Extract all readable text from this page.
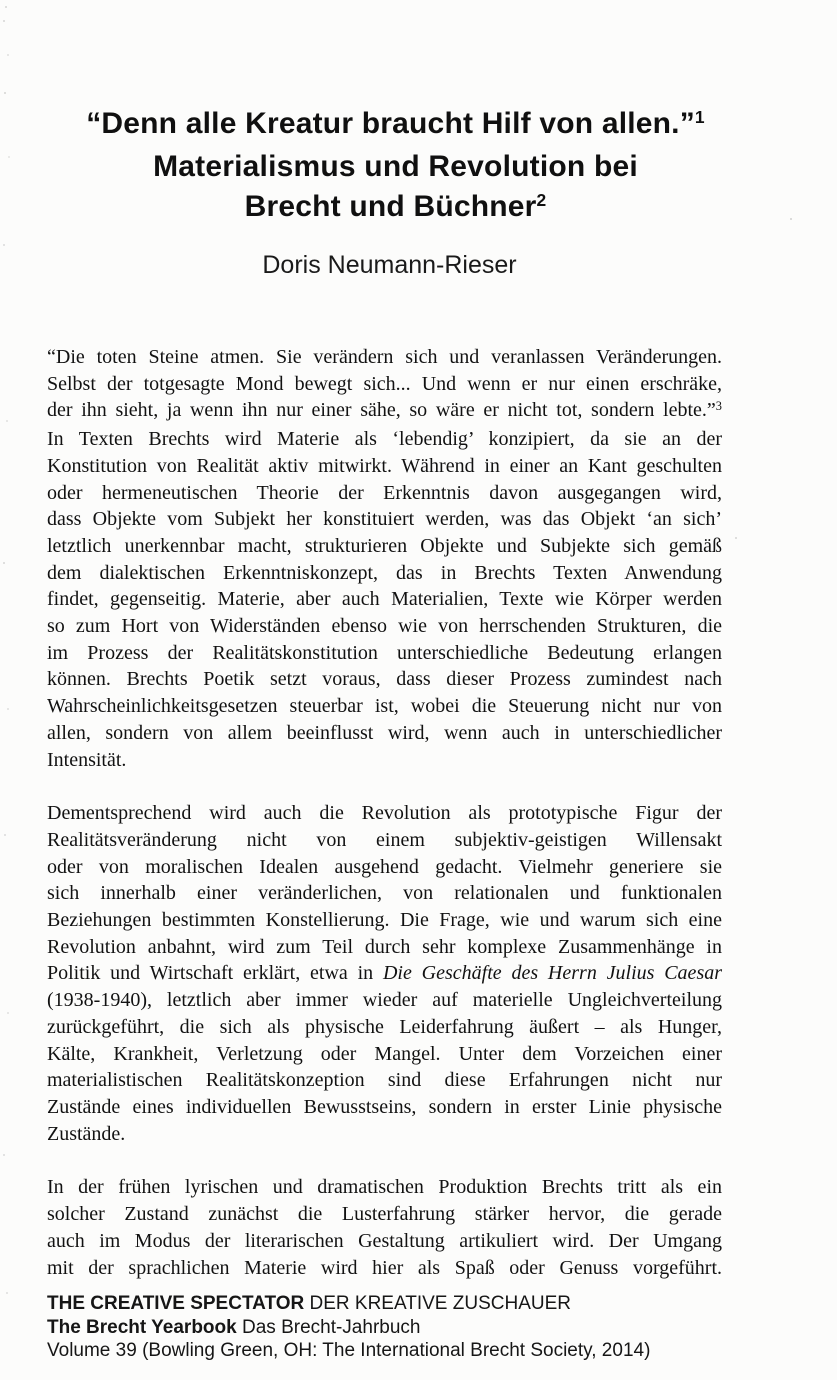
“Denn alle Kreatur braucht Hilf von allen.”$^1$
Materialismus und Revolution bei
Brecht und Büchner$^2$
Doris Neumann-Rieser
“Die toten Steine atmen. Sie verändern sich und veranlassen Veränderungen.
Selbst der totgesagte Mond bewegt sich... Und wenn er nur einen erschräke,
der ihn sieht, ja wenn ihn nur einer sähe, so wäre er nicht tot, sondern lebte.”$^3$
In Texten Brechts wird Materie als ‘lebendig’ konzipiert, da sie an der
Konstitution von Realität aktiv mitwirkt. Während in einer an Kant geschulten
oder hermeneutischen Theorie der Erkenntnis davon ausgegangen wird,
dass Objekte vom Subjekt her konstituiert werden, was das Objekt ‘an sich’
letztlich unerkennbar macht, strukturieren Objekte und Subjekte sich gemäß
dem dialektischen Erkenntniskonzept, das in Brechts Texten Anwendung
findet, gegenseitig. Materie, aber auch Materialien, Texte wie Körper werden
so zum Hort von Widerständen ebenso wie von herrschenden Strukturen, die
im Prozess der Realitätskonstitution unterschiedliche Bedeutung erlangen
können. Brechts Poetik setzt voraus, dass dieser Prozess zumindest nach
Wahrscheinlichkeitsgesetzen steuerbar ist, wobei die Steuerung nicht nur von
allen, sondern von allem beeinflusst wird, wenn auch in unterschiedlicher
Intensität.
Dementsprechend wird auch die Revolution als prototypische Figur der
Realitätsveränderung nicht von einem subjektiv-geistigen Willensakt
oder von moralischen Idealen ausgehend gedacht. Vielmehr generiere sie
sich innerhalb einer veränderlichen, von relationalen und funktionalen
Beziehungen bestimmten Konstellierung. Die Frage, wie und warum sich eine
Revolution anbahnt, wird zum Teil durch sehr komplexe Zusammenhänge in
Politik und Wirtschaft erklärt, etwa in Die Geschäfte des Herrn Julius Caesar
(1938-1940), letztlich aber immer wieder auf materielle Ungleichverteilung
zurückgeführt, die sich als physische Leiderfahrung äußert – als Hunger,
Kälte, Krankheit, Verletzung oder Mangel. Unter dem Vorzeichen einer
materialistischen Realitätskonzeption sind diese Erfahrungen nicht nur
Zustände eines individuellen Bewusstseins, sondern in erster Linie physische
Zustände.
In der frühen lyrischen und dramatischen Produktion Brechts tritt als ein
solcher Zustand zunächst die Lusterfahrung stärker hervor, die gerade
auch im Modus der literarischen Gestaltung artikuliert wird. Der Umgang
mit der sprachlichen Materie wird hier als Spaß oder Genuss vorgeführt.
THE CREATIVE SPECTATOR DER KREATIVE ZUSCHAUER
The Brecht Yearbook Das Brecht-Jahrbuch
Volume 39 (Bowling Green, OH: The International Brecht Society, 2014)
